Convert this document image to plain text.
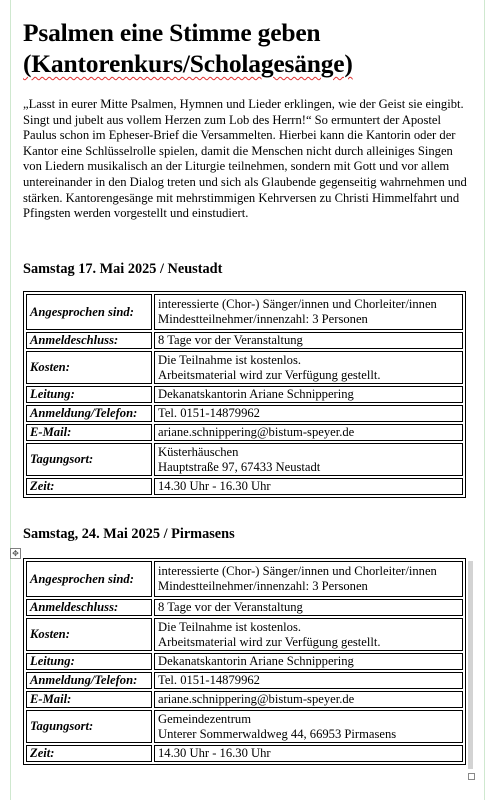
Psalmen eine Stimme geben
(Kantorenkurs/Scholagesänge)

„Lasst in eurer Mitte Psalmen, Hymnen und Lieder erklingen, wie der Geist sie eingibt. Singt und jubelt aus vollem Herzen zum Lob des Herrn!“ So ermuntert der Apostel Paulus schon im Epheser-Brief die Versammelten. Hierbei kann die Kantorin oder der Kantor eine Schlüsselrolle spielen, damit die Menschen nicht durch alleiniges Singen von Liedern musikalisch an der Liturgie teilnehmen, sondern mit Gott und vor allem untereinander in den Dialog treten und sich als Glaubende gegenseitig wahrnehmen und stärken. Kantorengesänge mit mehrstimmigen Kehrversen zu Christi Himmelfahrt und Pfingsten werden vorgestellt und einstudiert.

Samstag 17. Mai 2025 / Neustadt
Angesprochen sind:	interessierte (Chor-) Sänger/innen und Chorleiter/innen
Mindestteilnehmer/innenzahl: 3 Personen
Anmeldeschluss:	8 Tage vor der Veranstaltung
Kosten:	Die Teilnahme ist kostenlos.
Arbeitsmaterial wird zur Verfügung gestellt.
Leitung:	Dekanatskantorin Ariane Schnippering
Anmeldung/Telefon:	Tel. 0151-14879962
E-Mail:	ariane.schnippering@bistum-speyer.de
Tagungsort:	Küsterhäuschen
Hauptstraße 97, 67433 Neustadt
Zeit:	14.30 Uhr - 16.30 Uhr
Samstag, 24. Mai 2025 / Pirmasens
✥
Angesprochen sind:	interessierte (Chor-) Sänger/innen und Chorleiter/innen
Mindestteilnehmer/innenzahl: 3 Personen
Anmeldeschluss:	8 Tage vor der Veranstaltung
Kosten:	Die Teilnahme ist kostenlos.
Arbeitsmaterial wird zur Verfügung gestellt.
Leitung:	Dekanatskantorin Ariane Schnippering
Anmeldung/Telefon:	Tel. 0151-14879962
E-Mail:	ariane.schnippering@bistum-speyer.de
Tagungsort:	Gemeindezentrum
Unterer Sommerwaldweg 44, 66953 Pirmasens
Zeit:	14.30 Uhr - 16.30 Uhr
